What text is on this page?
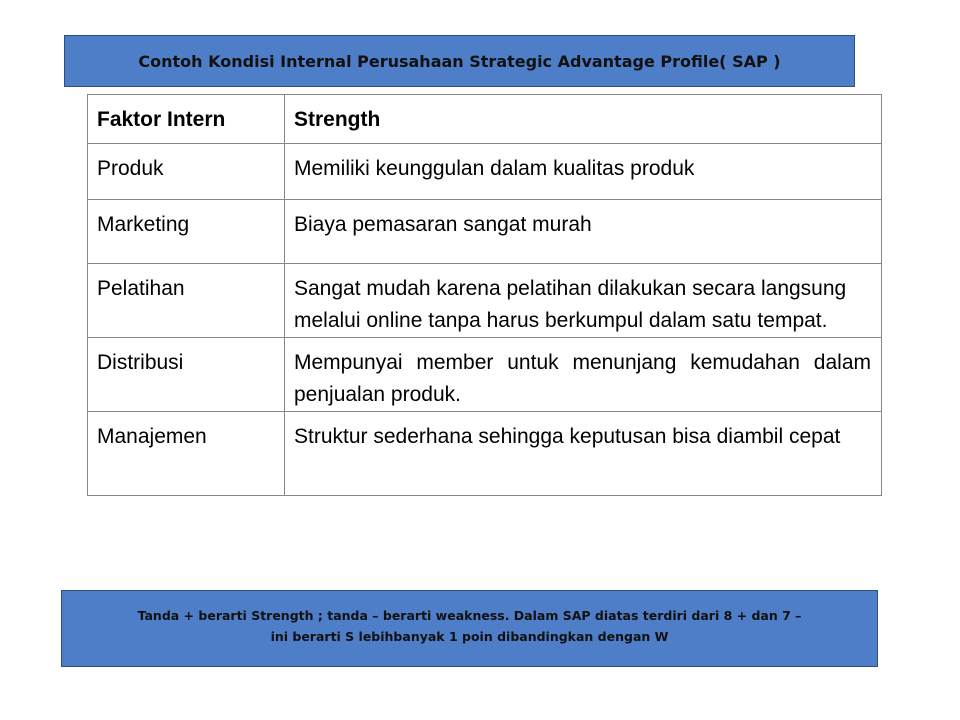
Contoh Kondisi Internal Perusahaan Strategic Advantage Profile( SAP )
Faktor Intern	Strength
Produk	Memiliki keunggulan dalam kualitas produk
Marketing	Biaya pemasaran sangat murah
Pelatihan	Sangat mudah karena pelatihan dilakukan secara langsung melalui online tanpa harus berkumpul dalam satu tempat.
Distribusi	Mempunyai member untuk menunjang kemudahan dalam penjualan produk.
Manajemen	Struktur sederhana sehingga keputusan bisa diambil cepat
Tanda + berarti Strength ; tanda – berarti weakness. Dalam SAP diatas terdiri dari 8 + dan 7 –
ini berarti S lebihbanyak 1 poin dibandingkan dengan W
